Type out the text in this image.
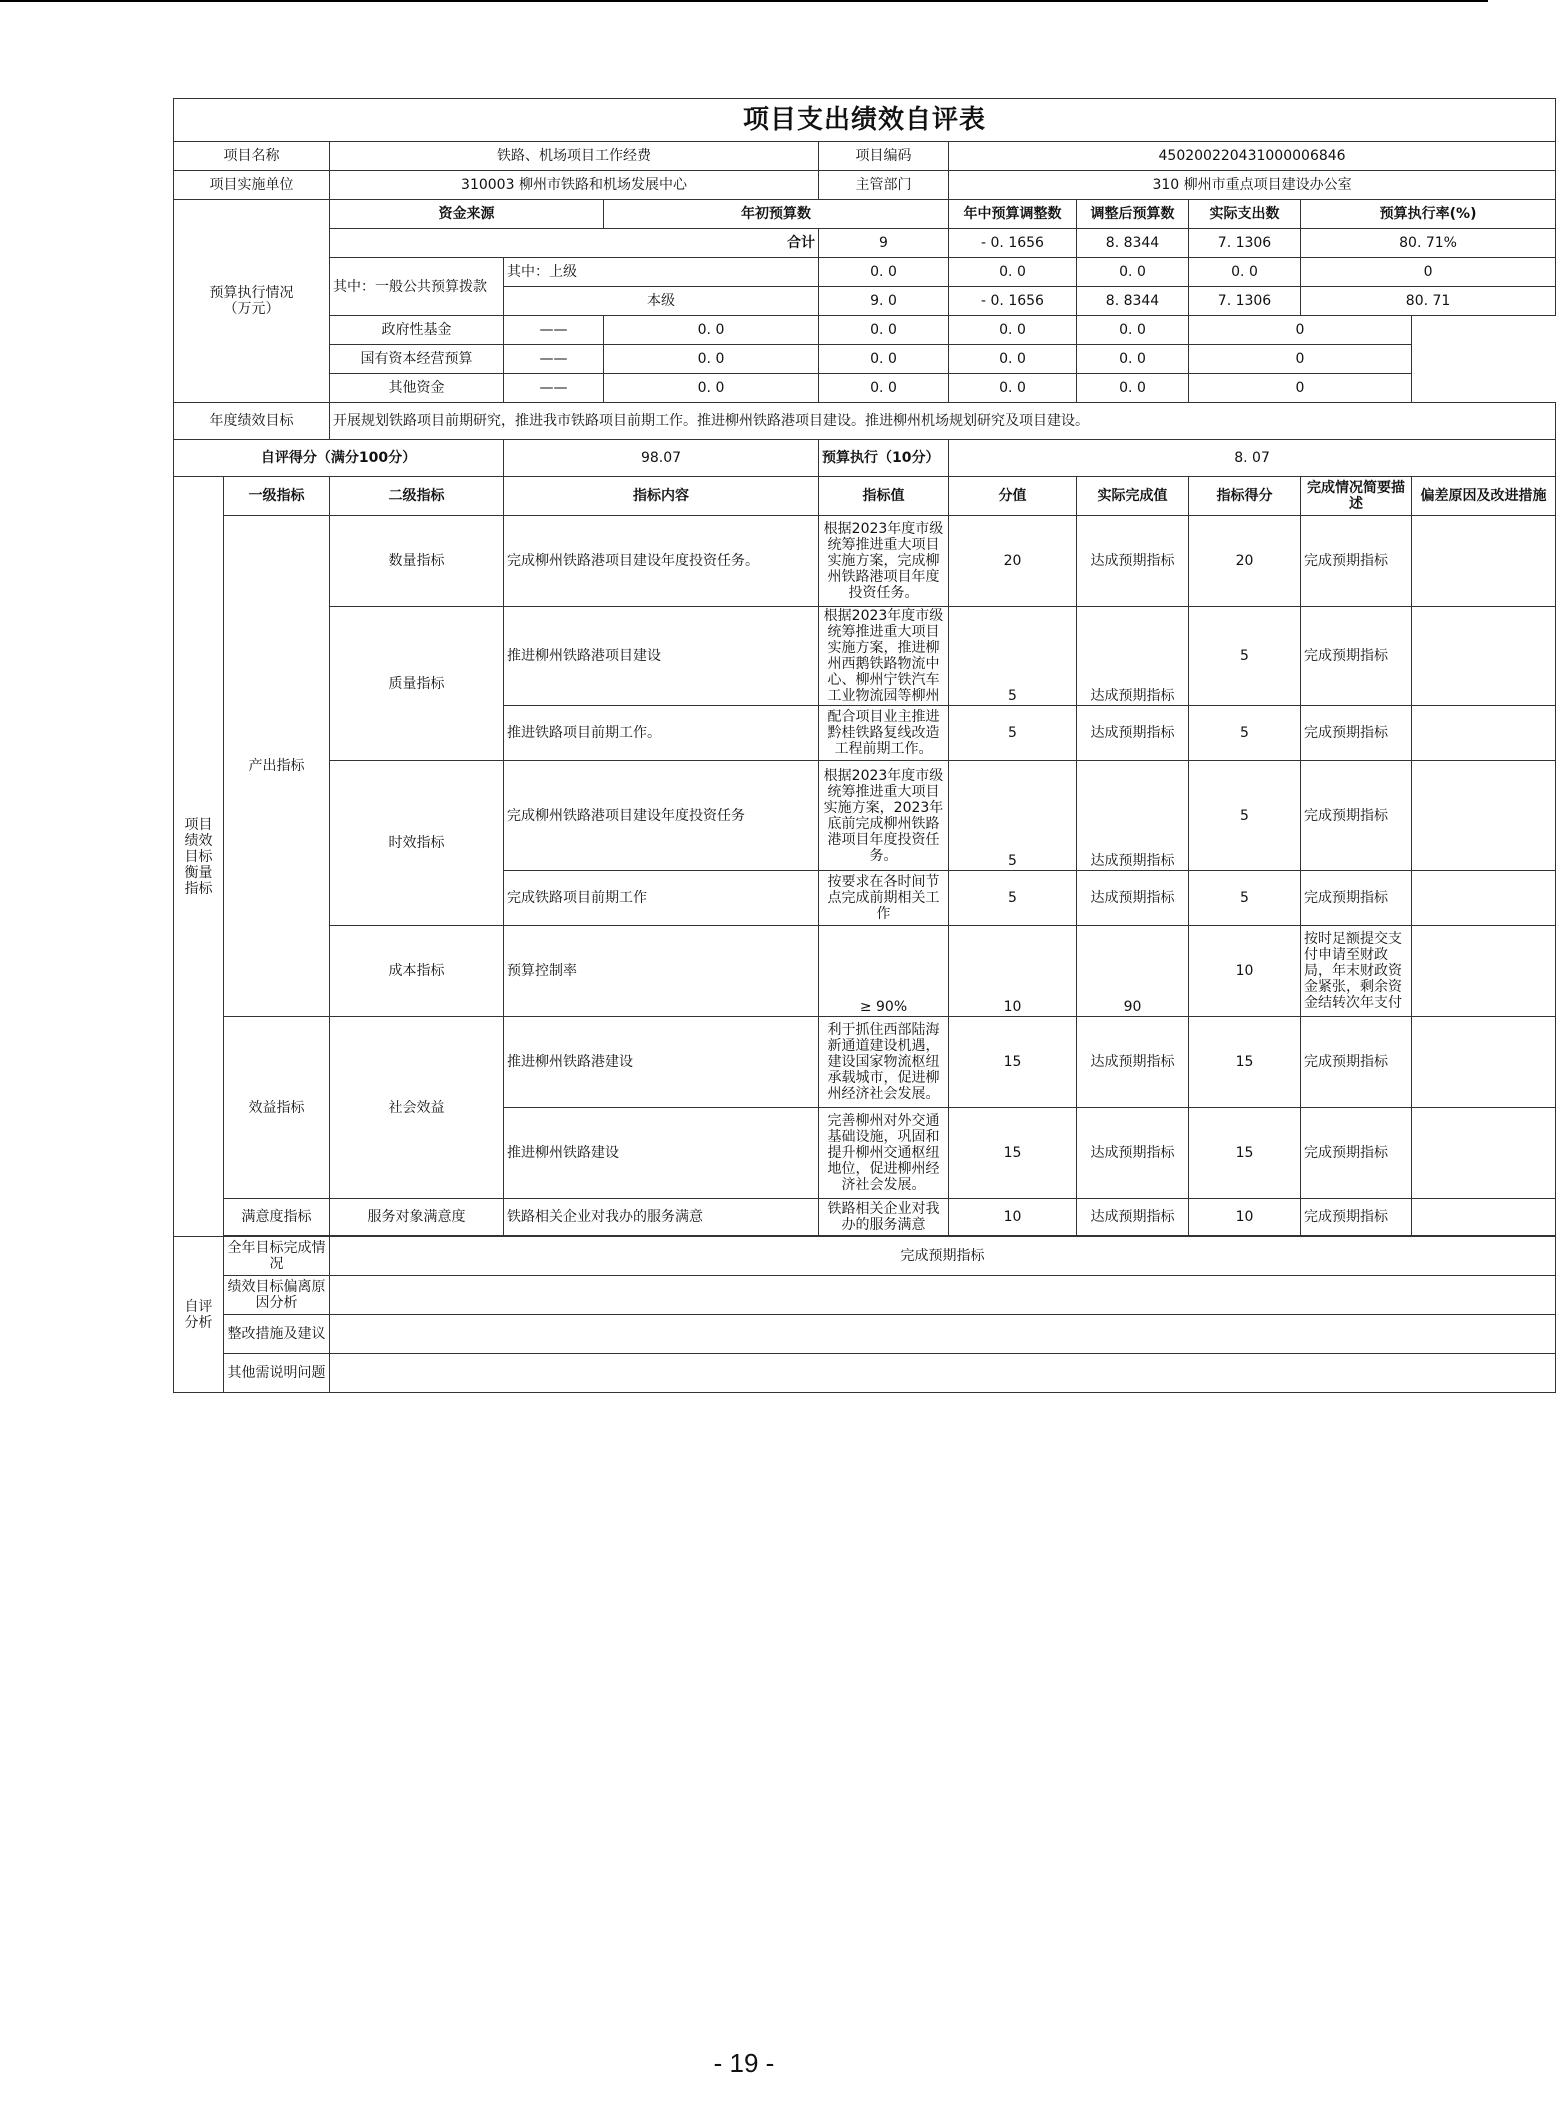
项目支出绩效自评表										
项目名称		铁路、机场项目工作经费			项目编码	450200220431000006846				
项目实施单位		310003 柳州市铁路和机场发展中心			主管部门	310 柳州市重点项目建设办公室				
预算执行情况
（万元）		资金来源		年初预算数		年中预算调整数	调整后预算数	实际支出数	预算执行率(%)	
		合计			9	- 0. 1656	8. 8344	7. 1306	80. 71%	
		其中：一般公共预算拨款	其中：上级		0. 0	0. 0	0. 0	0. 0	0	
			本级		9. 0	- 0. 1656	8. 8344	7. 1306	80. 71	
		政府性基金	——	0. 0	0. 0	0. 0	0. 0	0		
		国有资本经营预算	——	0. 0	0. 0	0. 0	0. 0	0		
		其他资金	——	0. 0	0. 0	0. 0	0. 0	0		
年度绩效目标		开展规划铁路项目前期研究，推进我市铁路项目前期工作。推进柳州铁路港项目建设。推进柳州机场规划研究及项目建设。								
自评得分（满分100分）			98.07		预算执行（10分）	8. 07				
项目
绩效
目标
衡量
指标	一级指标	二级指标	指标内容		指标值	分值	实际完成值	指标得分	完成情况简要描述	偏差原因及改进措施
	产出指标	数量指标	完成柳州铁路港项目建设年度投资任务。		根据2023年度市级统筹推进重大项目实施方案，完成柳州铁路港项目年度投资任务。	20	达成预期指标	20	完成预期指标	
		质量指标	推进柳州铁路港项目建设		根据2023年度市级统筹推进重大项目实施方案，推进柳州西鹅铁路物流中心、柳州宁铁汽车工业物流园等柳州	5	达成预期指标	5	完成预期指标	
			推进铁路项目前期工作。		配合项目业主推进黔桂铁路复线改造工程前期工作。	5	达成预期指标	5	完成预期指标	
		时效指标	完成柳州铁路港项目建设年度投资任务		根据2023年度市级统筹推进重大项目实施方案，2023年底前完成柳州铁路港项目年度投资任务。	5	达成预期指标	5	完成预期指标	
			完成铁路项目前期工作		按要求在各时间节点完成前期相关工作	5	达成预期指标	5	完成预期指标	
		成本指标	预算控制率		≥ 90%	10	90	10	按时足额提交支付申请至财政局，年末财政资金紧张，剩余资金结转次年支付	
	效益指标	社会效益	推进柳州铁路港建设		利于抓住西部陆海新通道建设机遇，建设国家物流枢纽承载城市，促进柳州经济社会发展。	15	达成预期指标	15	完成预期指标	
			推进柳州铁路建设		完善柳州对外交通基础设施，巩固和提升柳州交通枢纽地位，促进柳州经济社会发展。	15	达成预期指标	15	完成预期指标	
	满意度指标	服务对象满意度	铁路相关企业对我办的服务满意		铁路相关企业对我办的服务满意	10	达成预期指标	10	完成预期指标	

自评
分析	全年目标完成情况	完成预期指标								
	绩效目标偏离原因分析									
	整改措施及建议									
	其他需说明问题									
- 19 -
